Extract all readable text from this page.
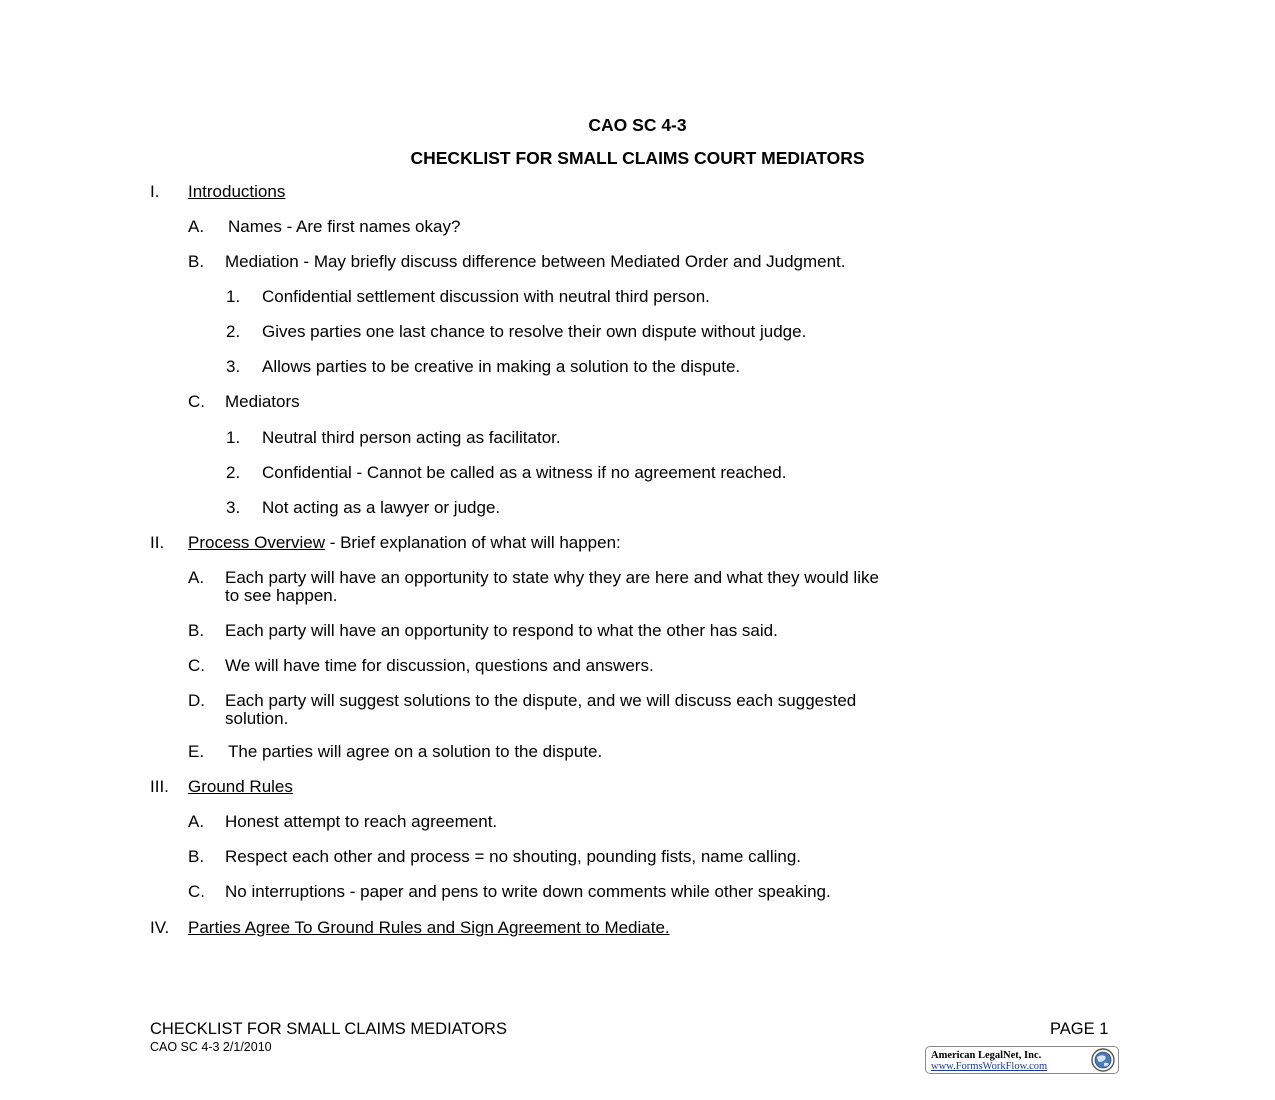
CAO SC 4-3
CHECKLIST FOR SMALL CLAIMS COURT MEDIATORS
I. Introductions
A. Names - Are first names okay?
B. Mediation - May briefly discuss difference between Mediated Order and Judgment.
1. Confidential settlement discussion with neutral third person.
2. Gives parties one last chance to resolve their own dispute without judge.
3. Allows parties to be creative in making a solution to the dispute.
C. Mediators
1. Neutral third person acting as facilitator.
2. Confidential - Cannot be called as a witness if no agreement reached.
3. Not acting as a lawyer or judge.
II. Process Overview - Brief explanation of what will happen:
A. Each party will have an opportunity to state why they are here and what they would like
to see happen.
B. Each party will have an opportunity to respond to what the other has said.
C. We will have time for discussion, questions and answers.
D. Each party will suggest solutions to the dispute, and we will discuss each suggested
solution.
E. The parties will agree on a solution to the dispute.
III. Ground Rules
A. Honest attempt to reach agreement.
B. Respect each other and process = no shouting, pounding fists, name calling.
C. No interruptions - paper and pens to write down comments while other speaking.
IV. Parties Agree To Ground Rules and Sign Agreement to Mediate.
CHECKLIST FOR SMALL CLAIMS MEDIATORS
CAO SC 4-3 2/1/2010
PAGE 1
American LegalNet, Inc.
www.FormsWorkFlow.com
